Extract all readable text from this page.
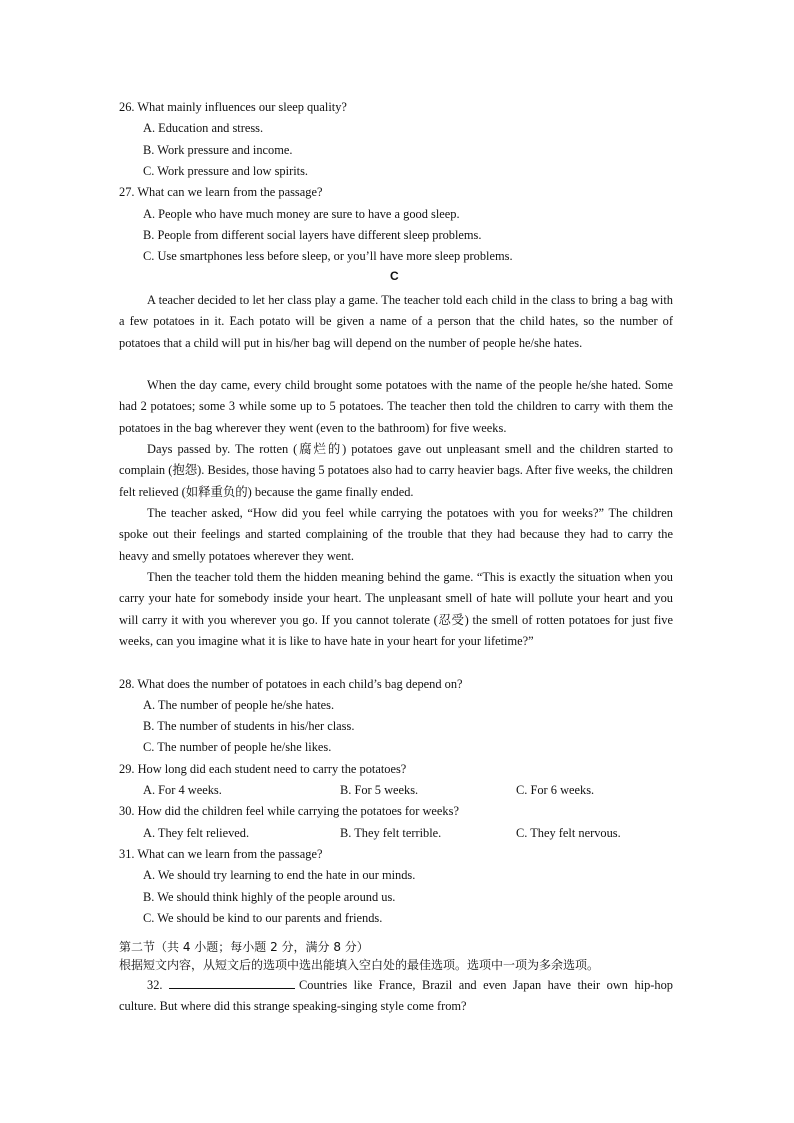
26. What mainly influences our sleep quality?
A. Education and stress.
B. Work pressure and income.
C. Work pressure and low spirits.
27. What can we learn from the passage?
A. People who have much money are sure to have a good sleep.
B. People from different social layers have different sleep problems.
C. Use smartphones less before sleep, or you’ll have more sleep problems.
C
A teacher decided to let her class play a game. The teacher told each child in the class to bring a bag with a few potatoes in it. Each potato will be given a name of a person that the child hates, so the number of potatoes that a child will put in his/her bag will depend on the number of people he/she hates.
When the day came, every child brought some potatoes with the name of the people he/she hated. Some had 2 potatoes; some 3 while some up to 5 potatoes. The teacher then told the children to carry with them the potatoes in the bag wherever they went (even to the bathroom) for five weeks.
Days passed by. The rotten (腐烂的) potatoes gave out unpleasant smell and the children started to complain (抱怨). Besides, those having 5 potatoes also had to carry heavier bags. After five weeks, the children felt relieved (如释重负的) because the game finally ended.
The teacher asked, “How did you feel while carrying the potatoes with you for weeks?” The children spoke out their feelings and started complaining of the trouble that they had because they had to carry the heavy and smelly potatoes wherever they went.
Then the teacher told them the hidden meaning behind the game. “This is exactly the situation when you carry your hate for somebody inside your heart. The unpleasant smell of hate will pollute your heart and you will carry it with you wherever you go. If you cannot tolerate (忍受) the smell of rotten potatoes for just five weeks, can you imagine what it is like to have hate in your heart for your lifetime?”
28. What does the number of potatoes in each child’s bag depend on?
A. The number of people he/she hates.
B. The number of students in his/her class.
C. The number of people he/she likes.
29. How long did each student need to carry the potatoes?
A. For 4 weeks.	B. For 5 weeks.	C. For 6 weeks.
30. How did the children feel while carrying the potatoes for weeks?
A. They felt relieved.	B. They felt terrible.	C. They felt nervous.
31. What can we learn from the passage?
A. We should try learning to end the hate in our minds.
B. We should think highly of the people around us.
C. We should be kind to our parents and friends.
第二节（共 4 小题；每小题 2 分，满分 8 分）
根据短文内容，从短文后的选项中选出能填入空白处的最佳选项。选项中一项为多余选项。
32.	Countries like France, Brazil and even Japan have their own hip-hop culture. But where did this strange speaking-singing style come from?
